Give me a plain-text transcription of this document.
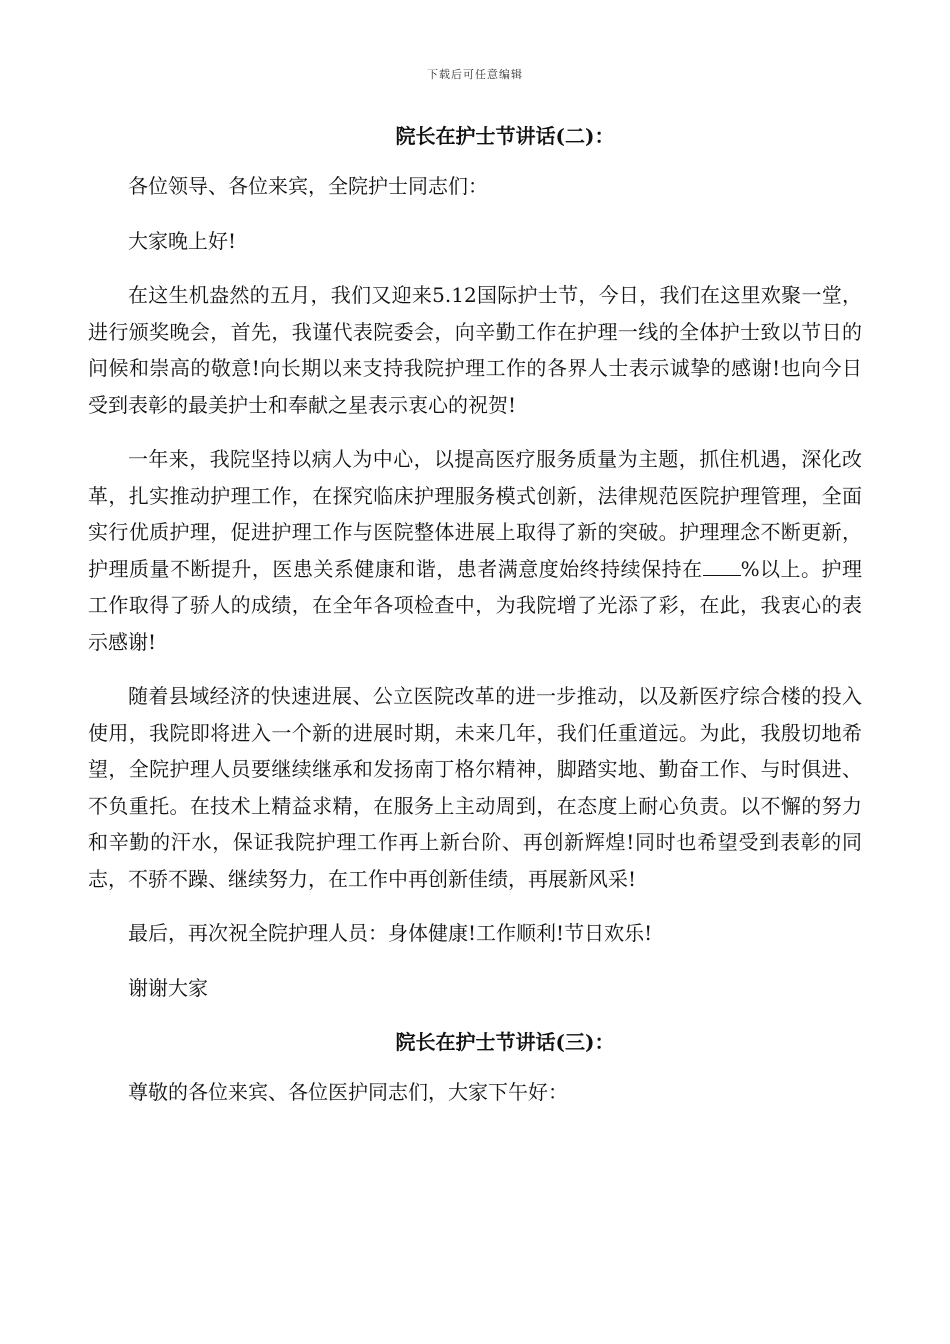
下载后可任意编辑
院长在护士节讲话(二)：

各位领导、各位来宾，全院护士同志们：

大家晚上好!

在这生机盎然的五月，我们又迎来5.12国际护士节，今日，我们在这里欢聚一堂，进行颁奖晚会，首先，我谨代表院委会，向辛勤工作在护理一线的全体护士致以节日的问候和崇高的敬意!向长期以来支持我院护理工作的各界人士表示诚挚的感谢!也向今日受到表彰的最美护士和奉献之星表示衷心的祝贺!

一年来，我院坚持以病人为中心，以提高医疗服务质量为主题，抓住机遇，深化改革，扎实推动护理工作，在探究临床护理服务模式创新，法律规范医院护理管理，全面实行优质护理，促进护理工作与医院整体进展上取得了新的突破。护理理念不断更新，护理质量不断提升，医患关系健康和谐，患者满意度始终持续保持在 %以上。护理工作取得了骄人的成绩，在全年各项检查中，为我院增了光添了彩，在此，我衷心的表示感谢!

随着县域经济的快速进展、公立医院改革的进一步推动，以及新医疗综合楼的投入使用，我院即将进入一个新的进展时期，未来几年，我们任重道远。为此，我殷切地希望，全院护理人员要继续继承和发扬南丁格尔精神，脚踏实地、勤奋工作、与时俱进、不负重托。在技术上精益求精，在服务上主动周到，在态度上耐心负责。以不懈的努力和辛勤的汗水，保证我院护理工作再上新台阶、再创新辉煌!同时也希望受到表彰的同志，不骄不躁、继续努力，在工作中再创新佳绩，再展新风采!

最后，再次祝全院护理人员：身体健康!工作顺利!节日欢乐!

谢谢大家

院长在护士节讲话(三)：

尊敬的各位来宾、各位医护同志们，大家下午好：
